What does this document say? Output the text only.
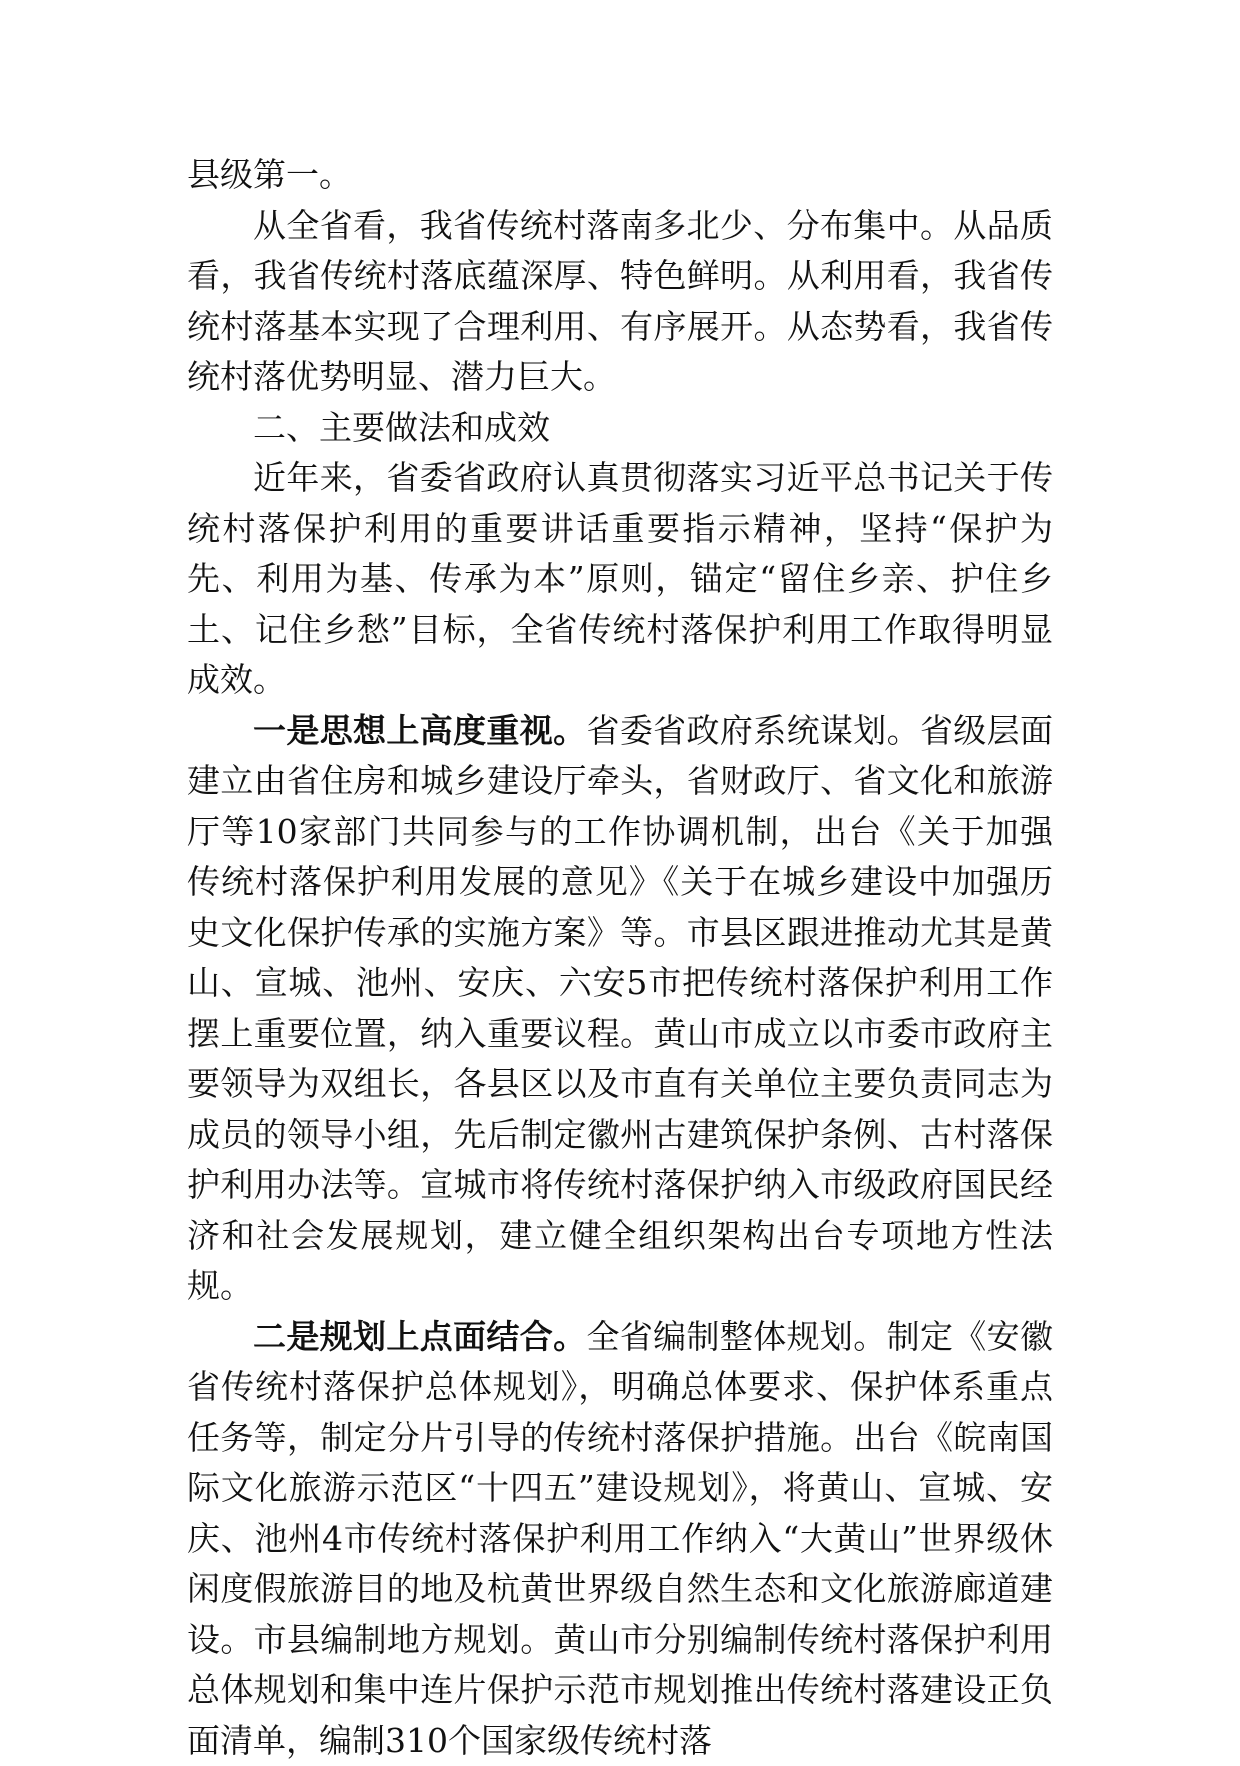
县级第一。

从全省看，我省传统村落南多北少、分布集中。从品质看，我省传统村落底蕴深厚、特色鲜明。从利用看，我省传统村落基本实现了合理利用、有序展开。从态势看，我省传统村落优势明显、潜力巨大。

二、主要做法和成效

近年来，省委省政府认真贯彻落实习近平总书记关于传统村落保护利用的重要讲话重要指示精神，坚持“保护为先、利用为基、传承为本”原则，锚定“留住乡亲、护住乡土、记住乡愁”目标，全省传统村落保护利用工作取得明显成效。

一是思想上高度重视。省委省政府系统谋划。省级层面建立由省住房和城乡建设厅牵头，省财政厅、省文化和旅游厅等10家部门共同参与的工作协调机制，出台《关于加强传统村落保护利用发展的意见》《关于在城乡建设中加强历史文化保护传承的实施方案》等。市县区跟进推动尤其是黄山、宣城、池州、安庆、六安5市把传统村落保护利用工作摆上重要位置，纳入重要议程。黄山市成立以市委市政府主要领导为双组长，各县区以及市直有关单位主要负责同志为成员的领导小组，先后制定徽州古建筑保护条例、古村落保护利用办法等。宣城市将传统村落保护纳入市级政府国民经济和社会发展规划，建立健全组织架构出台专项地方性法规。

二是规划上点面结合。全省编制整体规划。制定《安徽省传统村落保护总体规划》，明确总体要求、保护体系重点任务等，制定分片引导的传统村落保护措施。出台《皖南国际文化旅游示范区“十四五”建设规划》，将黄山、宣城、安庆、池州4市传统村落保护利用工作纳入“大黄山”世界级休闲度假旅游目的地及杭黄世界级自然生态和文化旅游廊道建设。市县编制地方规划。黄山市分别编制传统村落保护利用总体规划和集中连片保护示范市规划推出传统村落建设正负面清单，编制310个国家级传统村落
